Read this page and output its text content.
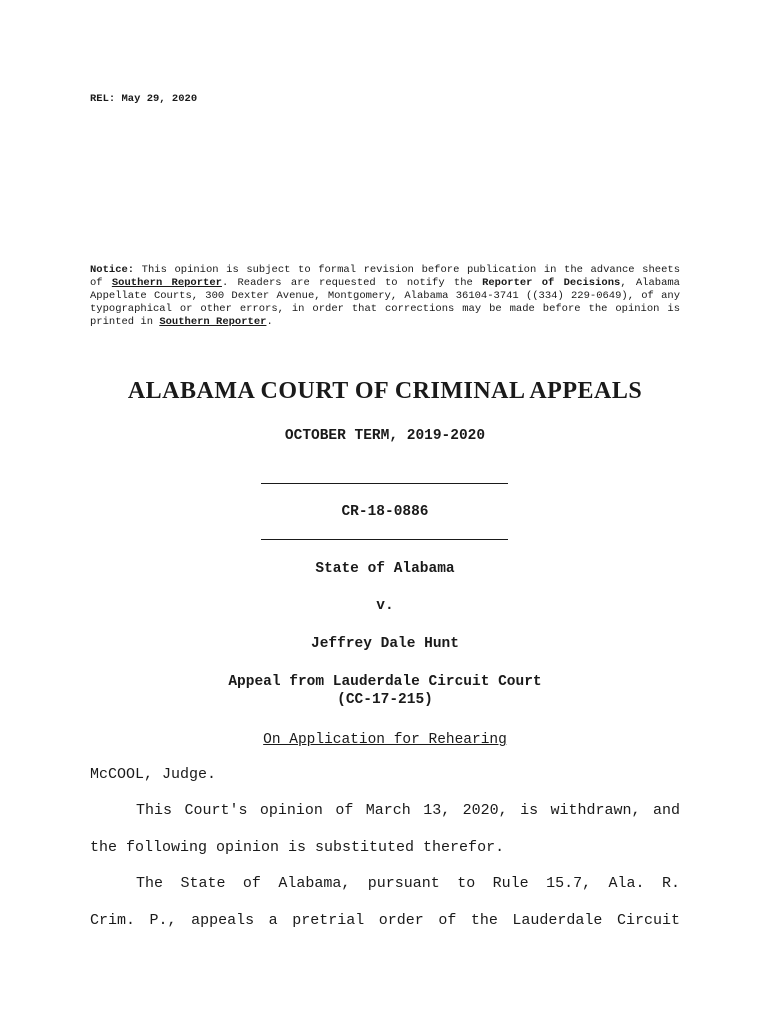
REL: May 29, 2020
Notice: This opinion is subject to formal revision before publication in the advance sheets of Southern Reporter. Readers are requested to notify the Reporter of Decisions, Alabama Appellate Courts, 300 Dexter Avenue, Montgomery, Alabama 36104-3741 ((334) 229-0649), of any typographical or other errors, in order that corrections may be made before the opinion is printed in Southern Reporter.
ALABAMA COURT OF CRIMINAL APPEALS
OCTOBER TERM, 2019-2020
CR-18-0886
State of Alabama
v.
Jeffrey Dale Hunt
Appeal from Lauderdale Circuit Court
(CC-17-215)
On Application for Rehearing
McCOOL, Judge.
This Court's opinion of March 13, 2020, is withdrawn, and
the following opinion is substituted therefor.
The State of Alabama, pursuant to Rule 15.7, Ala. R.
Crim. P., appeals a pretrial order of the Lauderdale Circuit
